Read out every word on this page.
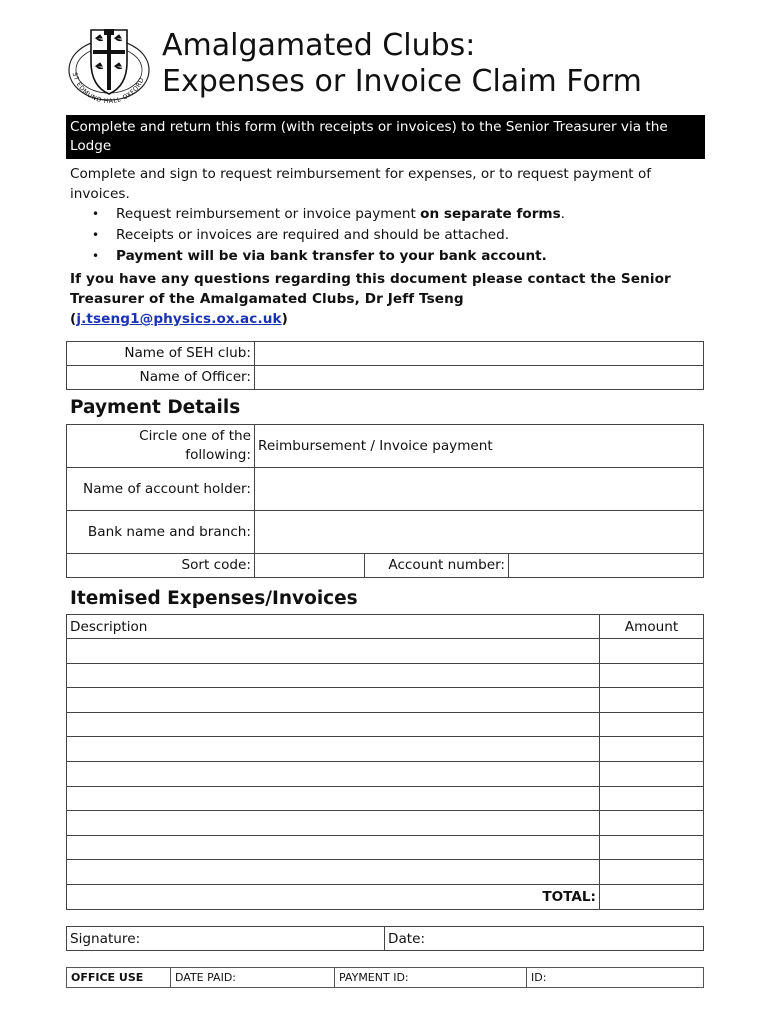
ST EDMUND HALL OXFORD
Amalgamated Clubs:
Expenses or Invoice Claim Form
Complete and return this form (with receipts or invoices) to the Senior Treasurer via the Lodge

Complete and sign to request reimbursement for expenses, or to request payment of invoices.

• Request reimbursement or invoice payment on separate forms.
• Receipts or invoices are required and should be attached.
• Payment will be via bank transfer to your bank account.

If you have any questions regarding this document please contact the Senior Treasurer of the Amalgamated Clubs, Dr Jeff Tseng
(j.tseng1@physics.ox.ac.uk)

Name of SEH club:	
Name of Officer:	
Payment Details
Circle one of the following:	Reimbursement / Invoice payment		
Name of account holder:			
Bank name and branch:			
Sort code:		Account number:	
Itemised Expenses/Invoices
Description	Amount

TOTAL:	
Signature:	Date:
OFFICE USE	DATE PAID:	PAYMENT ID:	ID:
